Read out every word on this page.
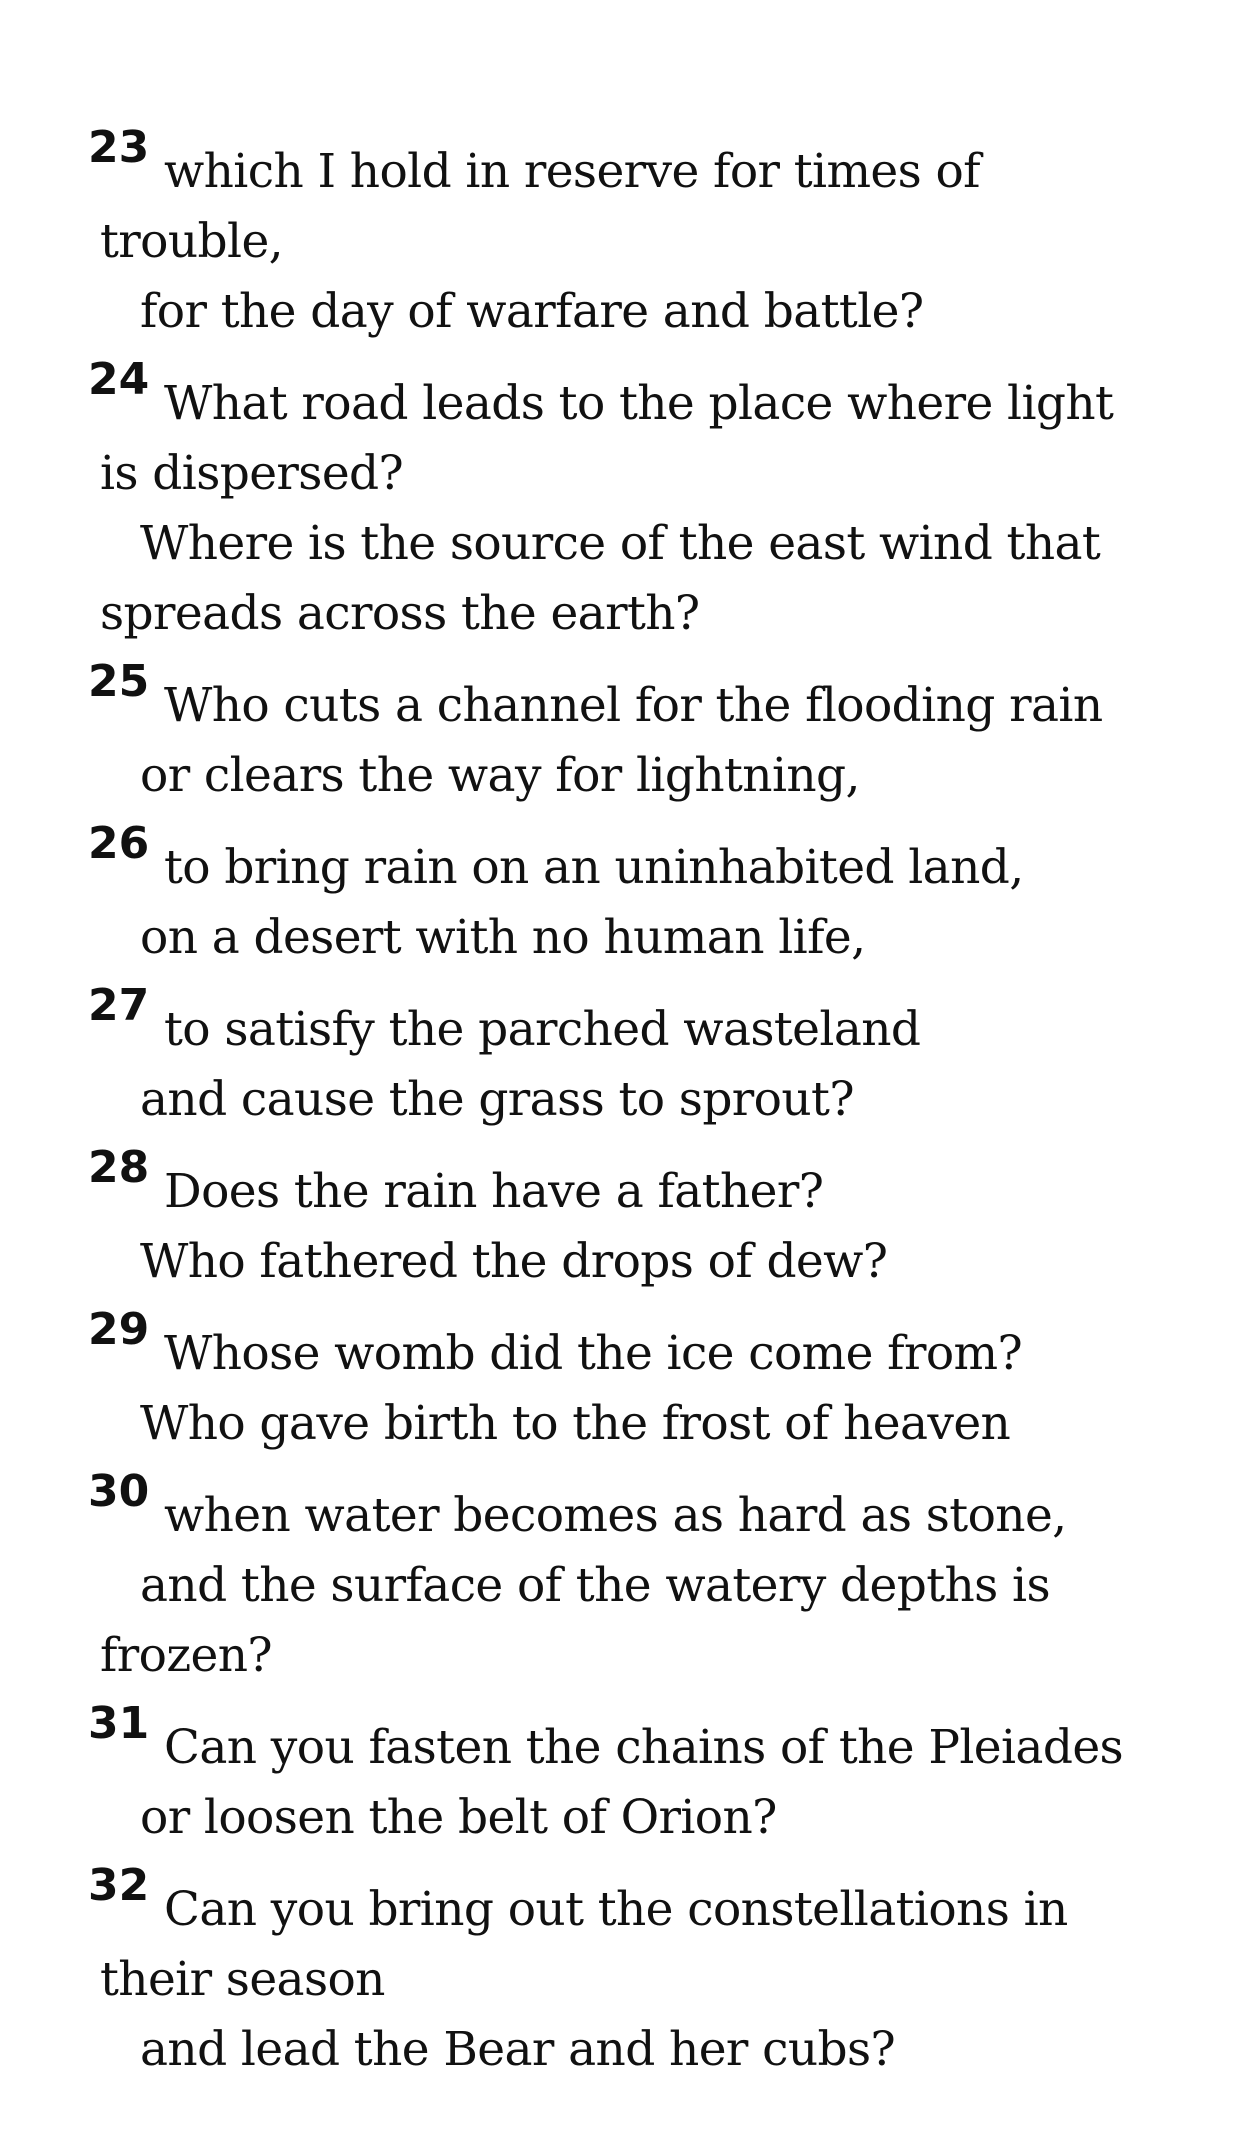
23 which I hold in reserve for times of
trouble,
for the day of warfare and battle?
24 What road leads to the place where light
is dispersed?
Where is the source of the east wind that
spreads across the earth?
25 Who cuts a channel for the flooding rain
or clears the way for lightning,
26 to bring rain on an uninhabited land,
on a desert with no human life,
27 to satisfy the parched wasteland
and cause the grass to sprout?
28 Does the rain have a father?
Who fathered the drops of dew?
29 Whose womb did the ice come from?
Who gave birth to the frost of heaven
30 when water becomes as hard as stone,
and the surface of the watery depths is
frozen?
31 Can you fasten the chains of the Pleiades
or loosen the belt of Orion?
32 Can you bring out the constellations in
their season
and lead the Bear and her cubs?
